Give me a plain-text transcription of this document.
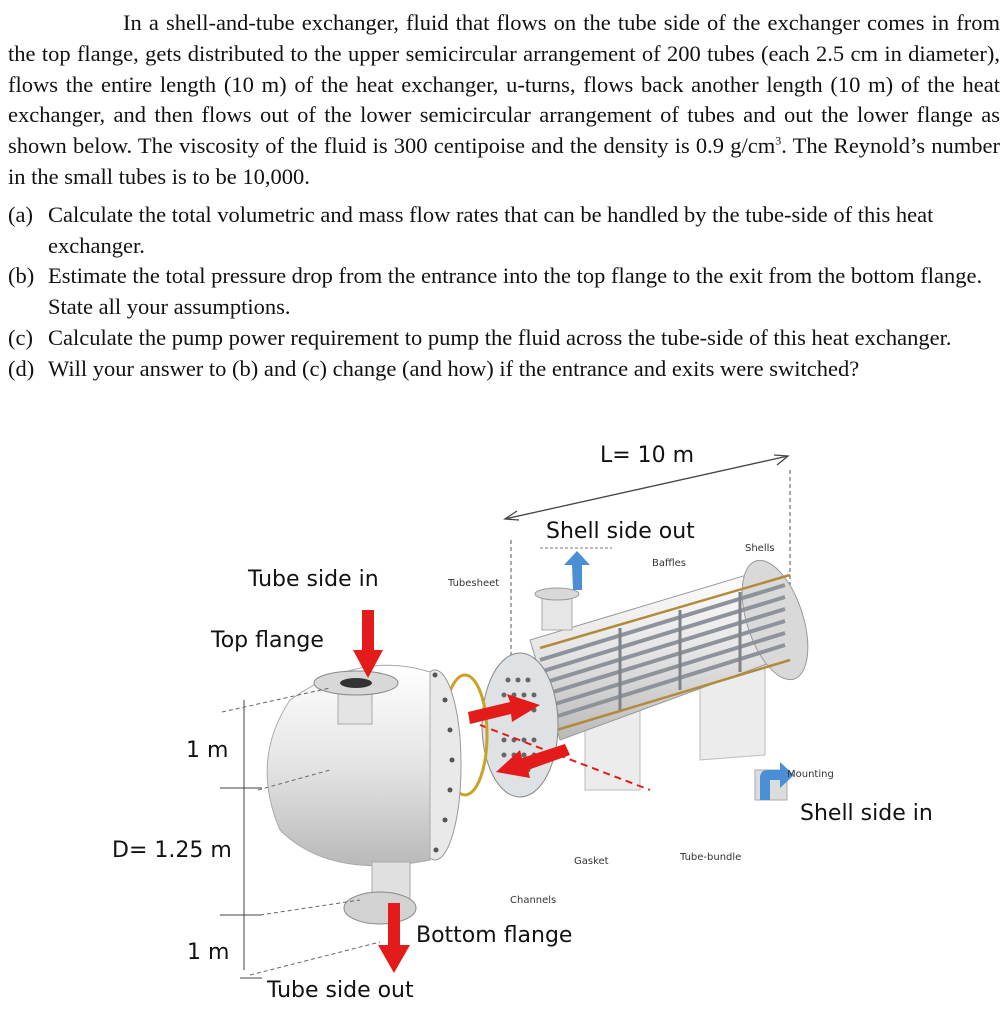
In a shell-and-tube exchanger, fluid that flows on the tube side of the exchanger comes in from the top flange, gets distributed to the upper semicircular arrangement of 200 tubes (each 2.5 cm in diameter), flows the entire length (10 m) of the heat exchanger, u-turns, flows back another length (10 m) of the heat exchanger, and then flows out of the lower semicircular arrangement of tubes and out the lower flange as shown below. The viscosity of the fluid is 300 centipoise and the density is 0.9 $g/cm^3$. The Reynold’s number in the small tubes is to be 10,000.

(a) Calculate the total volumetric and mass flow rates that can be handled by the tube-side of this heat exchanger.
(b) Estimate the total pressure drop from the entrance into the top flange to the exit from the bottom flange. State all your assumptions.
(c) Calculate the pump power requirement to pump the fluid across the tube-side of this heat exchanger.
(d) Will your answer to (b) and (c) change (and how) if the entrance and exits were switched?
L= 10 m
Shell side out
Tube side in
Top flange
1 m
D= 1.25 m
1 m
Bottom flange
Tube side out
Shell side in
Tubesheet
Baffles
Shells
Mounting
Gasket	Tube-bundle
Channels
